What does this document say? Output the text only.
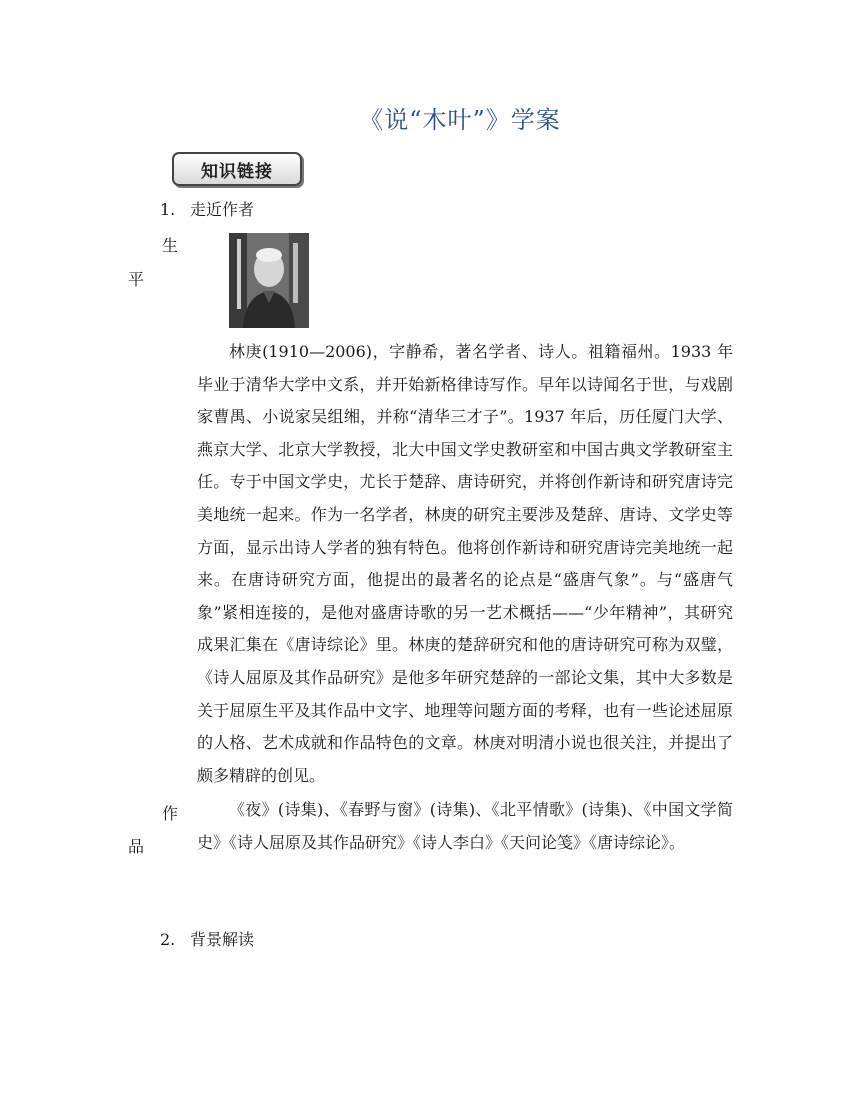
《说“木叶”》学案
知识链接
1. 走近作者
生
平

林庚(1910—2006)，字静希，著名学者、诗人。祖籍福州。1933 年毕业于清华大学中文系，并开始新格律诗写作。早年以诗闻名于世，与戏剧家曹禺、小说家吴组缃，并称“清华三才子”。1937 年后，历任厦门大学、燕京大学、北京大学教授，北大中国文学史教研室和中国古典文学教研室主任。专于中国文学史，尤长于楚辞、唐诗研究，并将创作新诗和研究唐诗完美地统一起来。作为一名学者，林庚的研究主要涉及楚辞、唐诗、文学史等方面，显示出诗人学者的独有特色。他将创作新诗和研究唐诗完美地统一起来。在唐诗研究方面，他提出的最著名的论点是“盛唐气象”。与“盛唐气象”紧相连接的，是他对盛唐诗歌的另一艺术概括——“少年精神”，其研究成果汇集在《唐诗综论》里。林庚的楚辞研究和他的唐诗研究可称为双璧，《诗人屈原及其作品研究》是他多年研究楚辞的一部论文集，其中大多数是关于屈原生平及其作品中文字、地理等问题方面的考释，也有一些论述屈原的人格、艺术成就和作品特色的文章。林庚对明清小说也很关注，并提出了颇多精辟的创见。

作
品

《夜》(诗集)、《春野与窗》(诗集)、《北平情歌》(诗集)、《中国文学简史》《诗人屈原及其作品研究》《诗人李白》《天问论笺》《唐诗综论》。

2. 背景解读
